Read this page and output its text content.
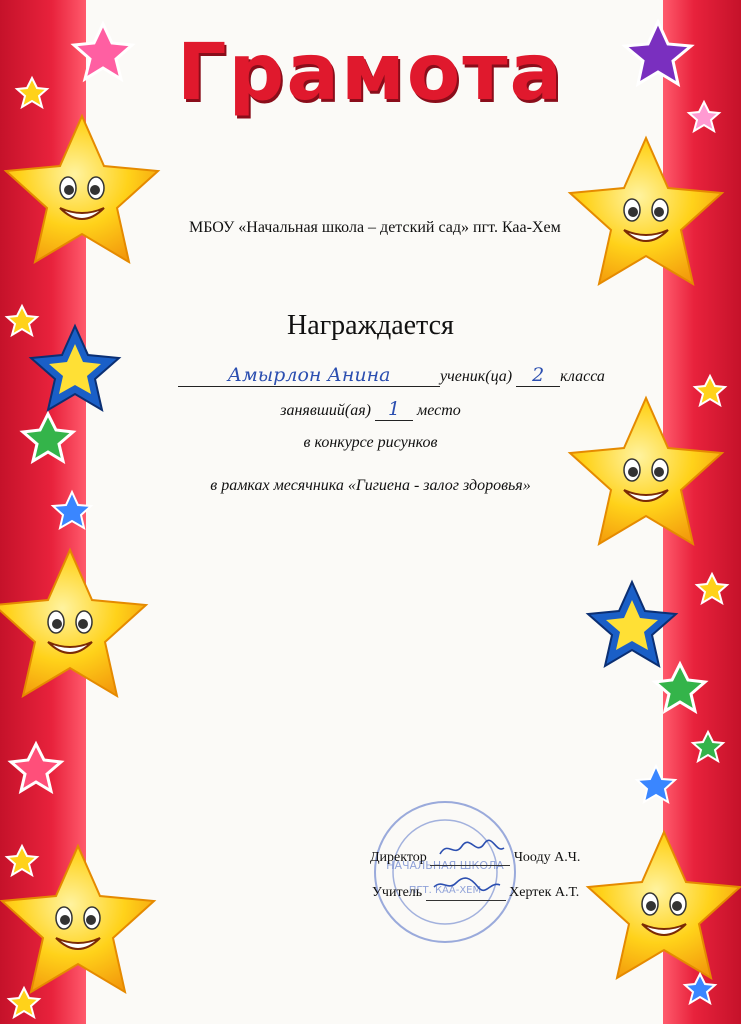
Грамота
МБОУ «Начальная школа – детский сад» пгт. Каа-Хем
Награждается
Амырлон Анина	ученик(ца) 2 класса
занявший(ая) 1 место
в конкурсе рисунков
в рамках месячника «Гигиена - залог здоровья»
НАЧАЛЬНАЯ ШКОЛА
ПГТ. КАА-ХЕМ
Директор	Чооду А.Ч.
Учитель	Хертек А.Т.
